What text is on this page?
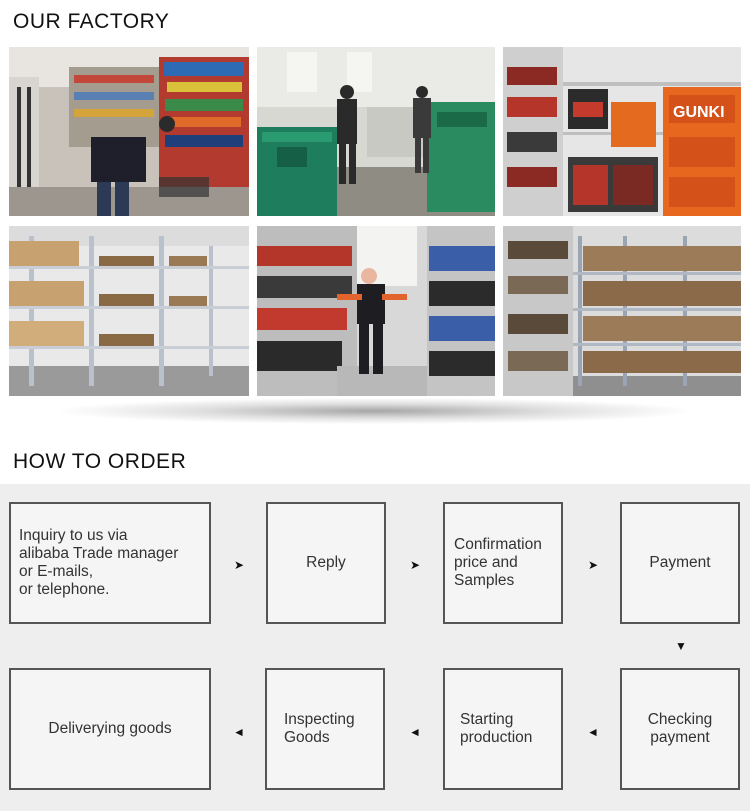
OUR FACTORY
GUNKI
HOW TO ORDER
Inquiry to us via
alibaba Trade manager
or E-mails,
or telephone.
➤	Reply	➤
Confirmation
price and
Samples
➤	Payment
▼
Checking
payment
◄
Starting
production
◄
Inspecting
Goods
◄
Deliverying goods
